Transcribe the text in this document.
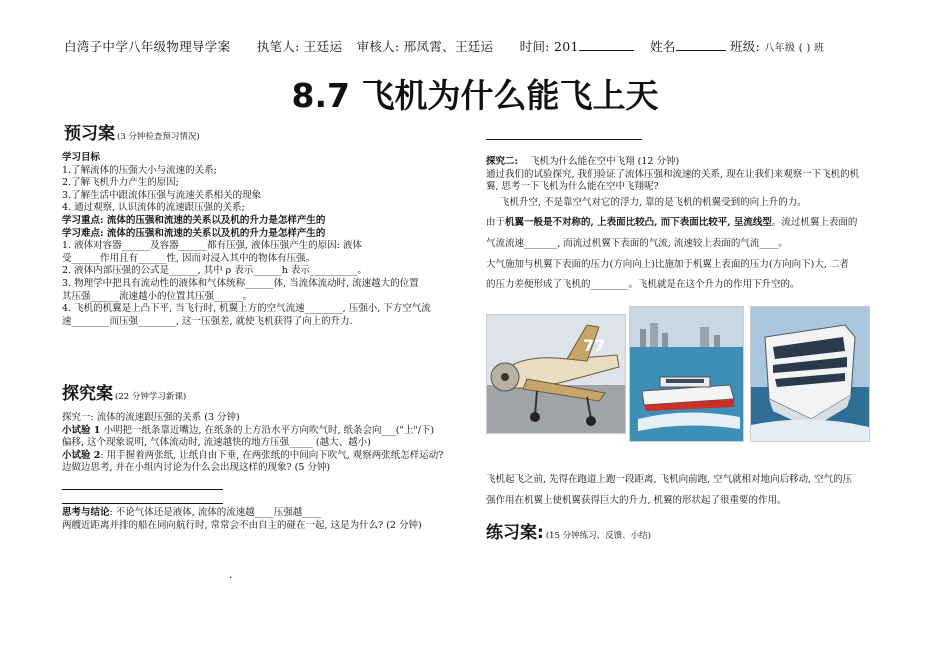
白湾子中学八年级物理导学案 执笔人: 王廷运 审核人: 邢凤霄、王廷运 时间: 201	姓名	班级: 八年级 ( ) 班
8.7 飞机为什么能飞上天
预习案 (3 分钟检查预习情况)
学习目标
1.了解流体的压强大小与流速的关系;
2.了解飞机升力产生的原因;
3.了解生活中跟流体压强与流速关系相关的现象
4. 通过观察, 认识流体的流速跟压强的关系;
学习重点: 流体的压强和流速的关系以及机的升力是怎样产生的
学习难点: 流体的压强和流速的关系以及机的升力是怎样产生的
1. 液体对容器______及容器______都有压强, 液体压强产生的原因: 液体
受______作用且有______性, 因而对浸入其中的物体有压强。
2. 液体内部压强的公式是______, 其中 ρ 表示______h 表示__________。
3. 物理学中把具有流动性的液体和气体统称______体, 当流体流动时, 流速越大的位置
其压强______流速越小的位置其压强______。
4. 飞机的机翼是上凸下平, 当飞行时, 机翼上方的空气流速________, 压强小, 下方空气流
速________而压强________, 这一压强差, 就使飞机获得了向上的升力.
探究案 (22 分钟学习新课)
探究一: 流体的流速跟压强的关系 (3 分钟)
小试验 1 小明把一纸条靠近嘴边, 在纸条的上方沿水平方向吹气时, 纸条会向___("上"/下)
偏移, 这个现象说明, 气体流动时, 流速越快的地方压强_____ (越大、越小)
小试验 2: 用手握着两张纸, 让纸自由下垂, 在两张纸的中间向下吹气, 观察两张纸怎样运动?
边做边思考, 并在小组内讨论为什么会出现这样的现象? (5 分钟)
思考与结论: 不论气体还是液体, 流体的流速越____压强越____
两艘近距离并排的船在同向航行时, 常常会不由自主的碰在一起, 这是为什么? (2 分钟)
.
探究二: 飞机为什么能在空中飞翔 (12 分钟)
通过我们的试验探究, 我们验证了流体压强和流速的关系, 现在让我们来观察一下飞机的机
翼, 思考一下飞机为什么能在空中飞翔呢?
飞机升空, 不是靠空气对它的浮力, 靠的是飞机的机翼受到的向上升的力。
由于机翼一般是不对称的, 上表面比较凸, 而下表面比较平, 呈流线型。流过机翼上表面的
气流流速_______, 而流过机翼下表面的气流, 流速较上表面的气流____。
大气施加与机翼下表面的压力(方向向上)比施加于机翼上表面的压力(方向向下)大, 二者
的压力差便形成了飞机的________。飞机就是在这个升力的作用下升空的。
77
飞机起飞之前, 先得在跑道上跑一段距离, 飞机向前跑, 空气就相对地向后移动, 空气的压
强作用在机翼上使机翼获得巨大的升力, 机翼的形状起了很重要的作用。
练习案: (15 分钟练习、反馈、小结)
